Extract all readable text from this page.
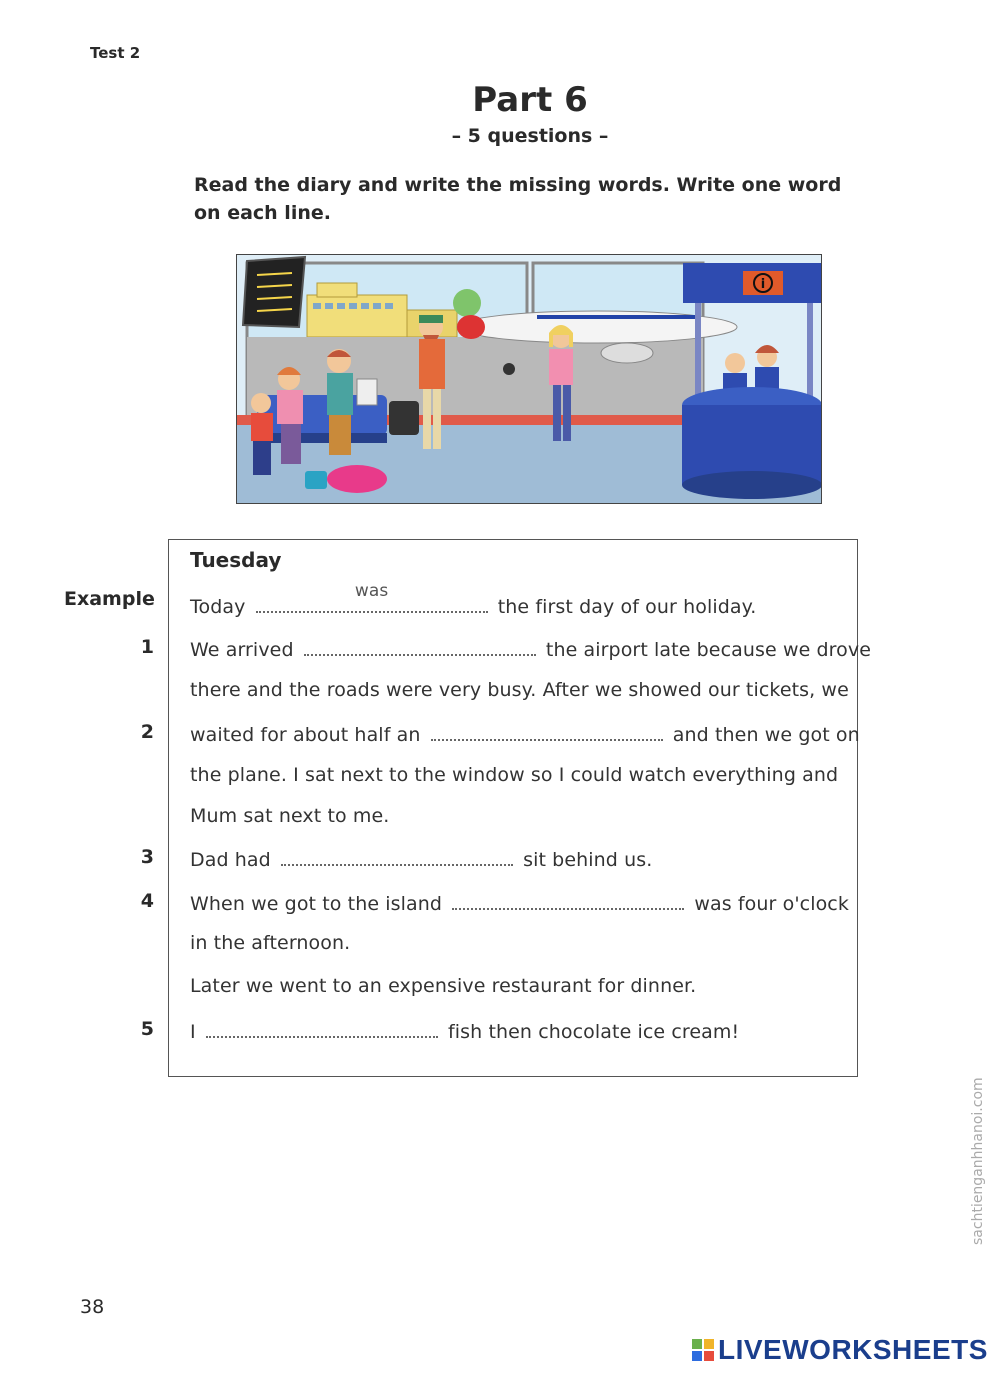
Test 2
Part 6
– 5 questions –
Read the diary and write the missing words. Write one word on each line.
i
Tuesday
Example Today
was
the first day of our holiday.
1 We arrived	the airport late because we drove
there and the roads were very busy. After we showed our tickets, we
2 waited for about half an	and then we got on
the plane. I sat next to the window so I could watch everything and
Mum sat next to me.
3 Dad had	sit behind us.
4 When we got to the island	was four o'clock
in the afternoon.
Later we went to an expensive restaurant for dinner.
5 I	fish then chocolate ice cream!
38
sachtienganhhanoi.com
LIVEWORKSHEETS
